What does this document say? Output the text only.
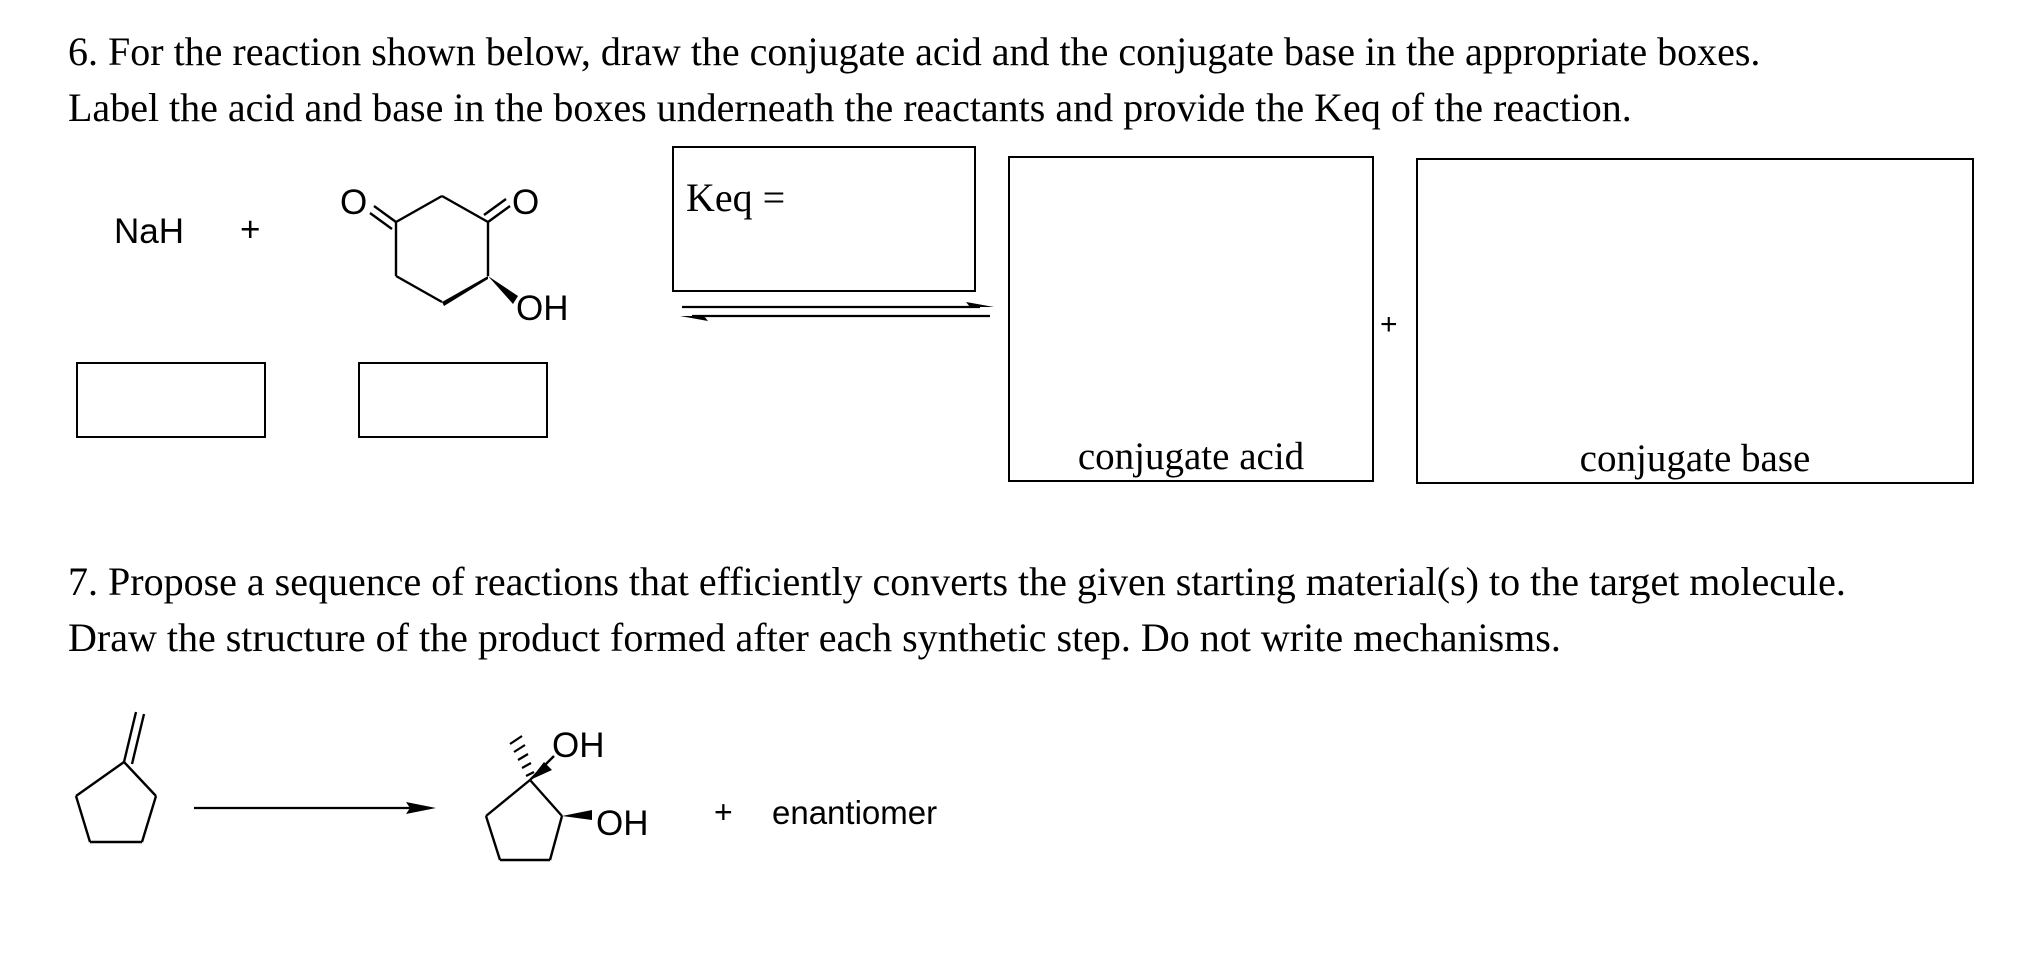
6. For the reaction shown below, draw the conjugate acid and the conjugate base in the appropriate boxes.
Label the acid and base in the boxes underneath the reactants and provide the Keq of the reaction.
NaH +
O	O
OH
Keq =
conjugate acid
+
conjugate base
7. Propose a sequence of reactions that efficiently converts the given starting material(s) to the target molecule.
Draw the structure of the product formed after each synthetic step. Do not write mechanisms.
OH
OH + enantiomer
